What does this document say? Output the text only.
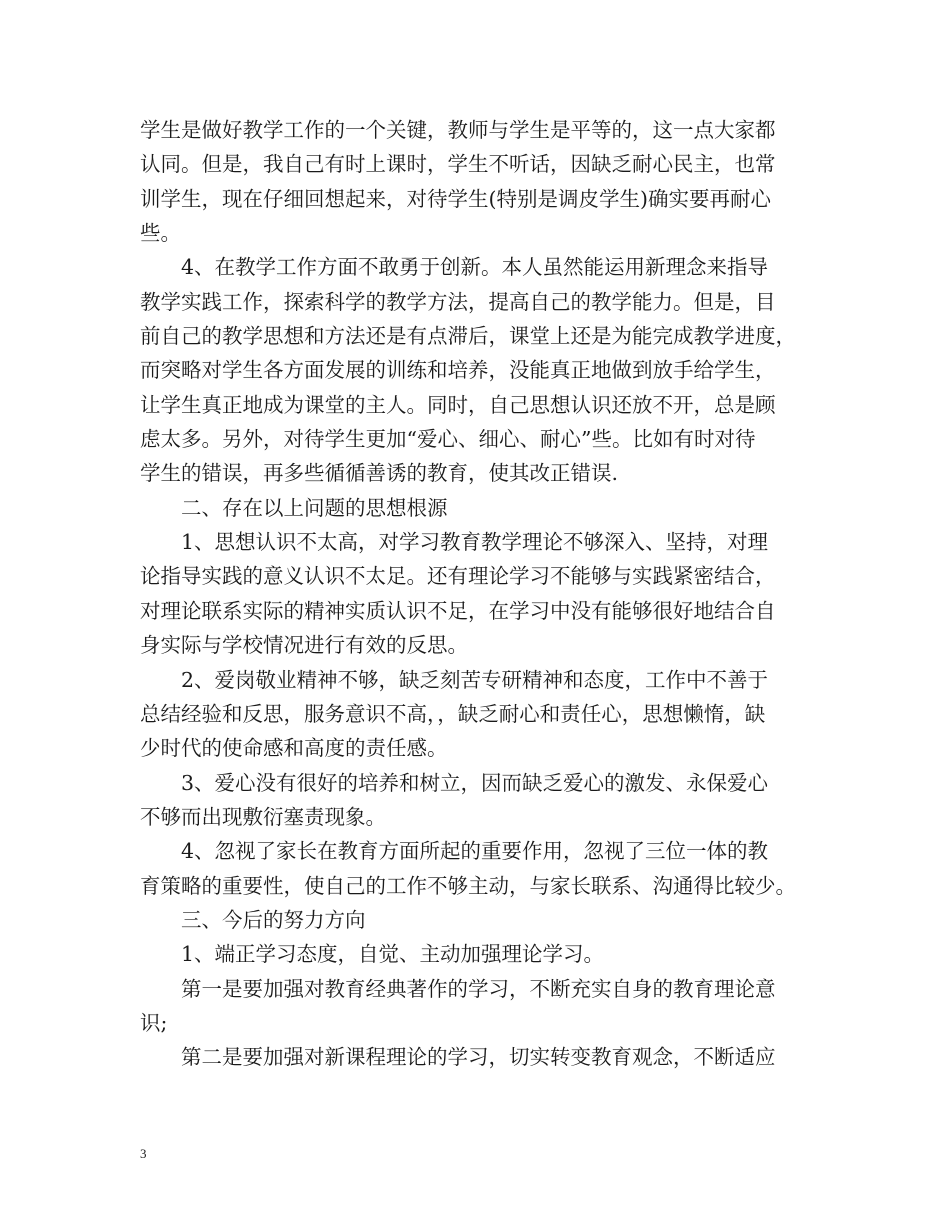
学生是做好教学工作的一个关键，教师与学生是平等的，这一点大家都
认同。但是，我自己有时上课时，学生不听话，因缺乏耐心民主，也常
训学生，现在仔细回想起来，对待学生(特别是调皮学生)确实要再耐心
些。
4、在教学工作方面不敢勇于创新。本人虽然能运用新理念来指导
教学实践工作，探索科学的教学方法，提高自己的教学能力。但是，目
前自己的教学思想和方法还是有点滞后，课堂上还是为能完成教学进度，
而突略对学生各方面发展的训练和培养，没能真正地做到放手给学生，
让学生真正地成为课堂的主人。同时，自己思想认识还放不开，总是顾
虑太多。另外，对待学生更加“爱心、细心、耐心”些。比如有时对待
学生的错误，再多些循循善诱的教育，使其改正错误.
二、存在以上问题的思想根源
1、思想认识不太高，对学习教育教学理论不够深入、坚持，对理
论指导实践的意义认识不太足。还有理论学习不能够与实践紧密结合，
对理论联系实际的精神实质认识不足，在学习中没有能够很好地结合自
身实际与学校情况进行有效的反思。
2、爱岗敬业精神不够，缺乏刻苦专研精神和态度，工作中不善于
总结经验和反思，服务意识不高，，缺乏耐心和责任心，思想懒惰，缺
少时代的使命感和高度的责任感。
3、爱心没有很好的培养和树立，因而缺乏爱心的激发、永保爱心
不够而出现敷衍塞责现象。
4、忽视了家长在教育方面所起的重要作用，忽视了三位一体的教
育策略的重要性，使自己的工作不够主动，与家长联系、沟通得比较少。
三、今后的努力方向
1、端正学习态度，自觉、主动加强理论学习。
第一是要加强对教育经典著作的学习，不断充实自身的教育理论意
识;
第二是要加强对新课程理论的学习，切实转变教育观念，不断适应
3
